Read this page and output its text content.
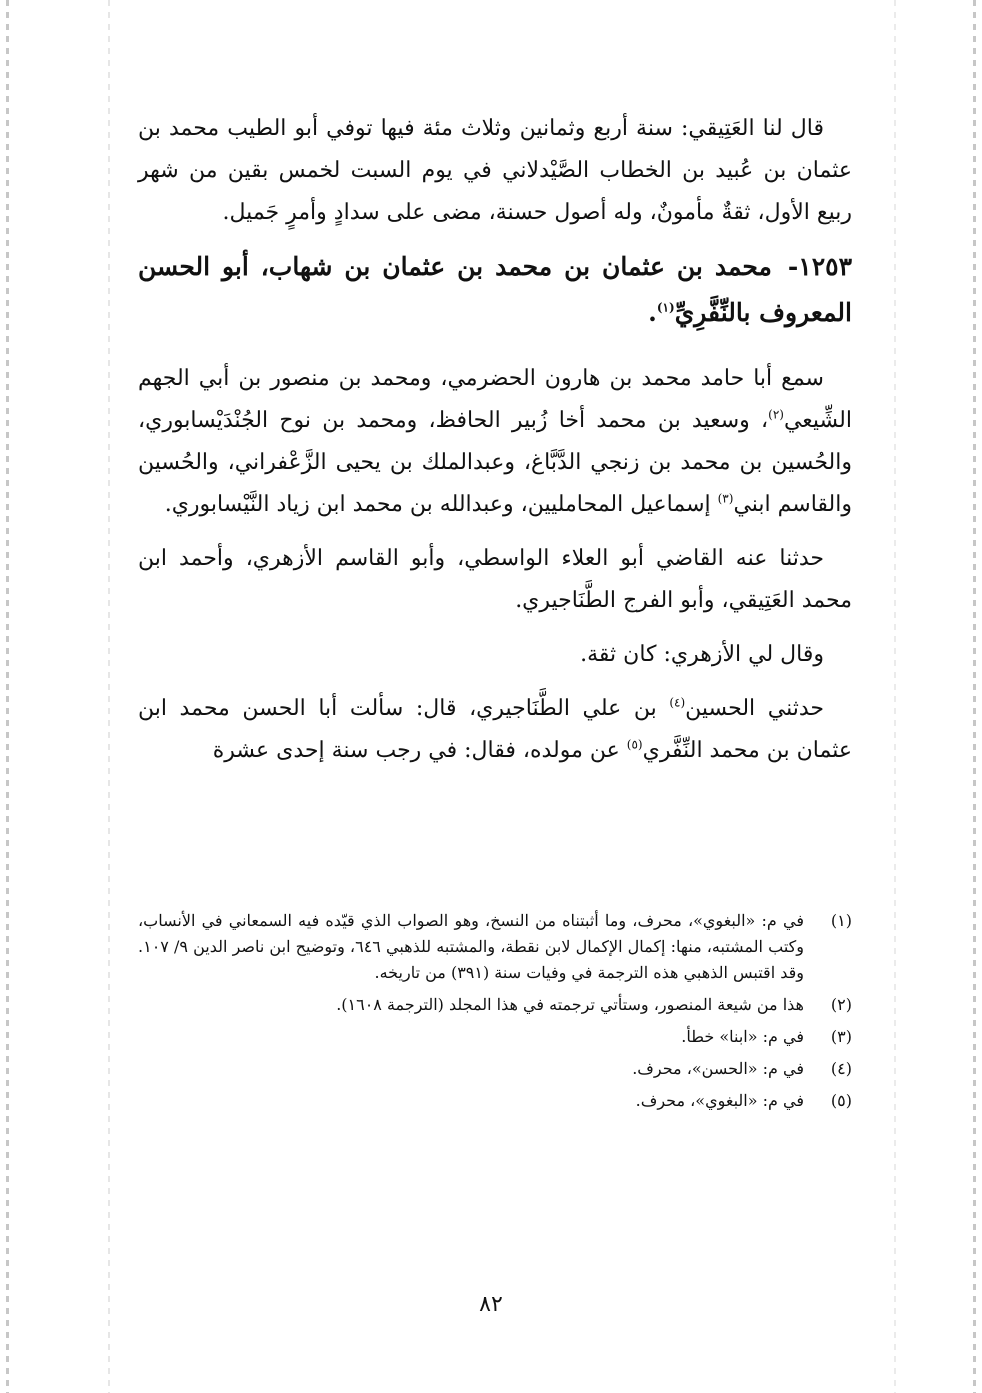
قال لنا العَتِيقي: سنة أربع وثمانين وثلاث مئة فيها توفي أبو الطيب محمد بن عثمان بن عُبيد بن الخطاب الصَّيْدلاني في يوم السبت لخمس بقين من شهر ربيع الأول، ثقةٌ مأمونٌ، وله أصول حسنة، مضى على سدادٍ وأمرٍ جَميل.

١٢٥٣- محمد بن عثمان بن محمد بن عثمان بن شهاب، أبو الحسن المعروف بالنِّفَّرِيِّ$^{(١)}$.

سمع أبا حامد محمد بن هارون الحضرمي، ومحمد بن منصور بن أبي الجهم الشِّيعي$^{(٢)}$، وسعيد بن محمد أخا زُبير الحافظ، ومحمد بن نوح الجُنْدَيْسابوري، والحُسين بن محمد بن زنجي الدَّبَّاغ، وعبدالملك بن يحيى الزَّعْفراني، والحُسين والقاسم ابني$^{(٣)}$ إسماعيل المحامليين، وعبدالله بن محمد ابن زياد النَّيْسابوري.

حدثنا عنه القاضي أبو العلاء الواسطي، وأبو القاسم الأزهري، وأحمد ابن محمد العَتِيقي، وأبو الفرج الطَّنَاجيري.

وقال لي الأزهري: كان ثقة.

حدثني الحسين$^{(٤)}$ بن علي الطَّنَاجيري، قال: سألت أبا الحسن محمد ابن عثمان بن محمد النِّفَّري$^{(٥)}$ عن مولده، فقال: في رجب سنة إحدى عشرة

(١)
في م: «البغوي»، محرف، وما أثبتناه من النسخ، وهو الصواب الذي قيّده فيه السمعاني في الأنساب، وكتب المشتبه، منها: إكمال الإكمال لابن نقطة، والمشتبه للذهبي ٦٤٦، وتوضيح ابن ناصر الدين ٩/ ١٠٧. وقد اقتبس الذهبي هذه الترجمة في وفيات سنة (٣٩١) من تاريخه.
(٢)
هذا من شيعة المنصور، وستأتي ترجمته في هذا المجلد (الترجمة ١٦٠٨).
(٣)
في م: «ابنا» خطأ.
(٤)
في م: «الحسن»، محرف.
(٥)
في م: «البغوي»، محرف.
٨٢
